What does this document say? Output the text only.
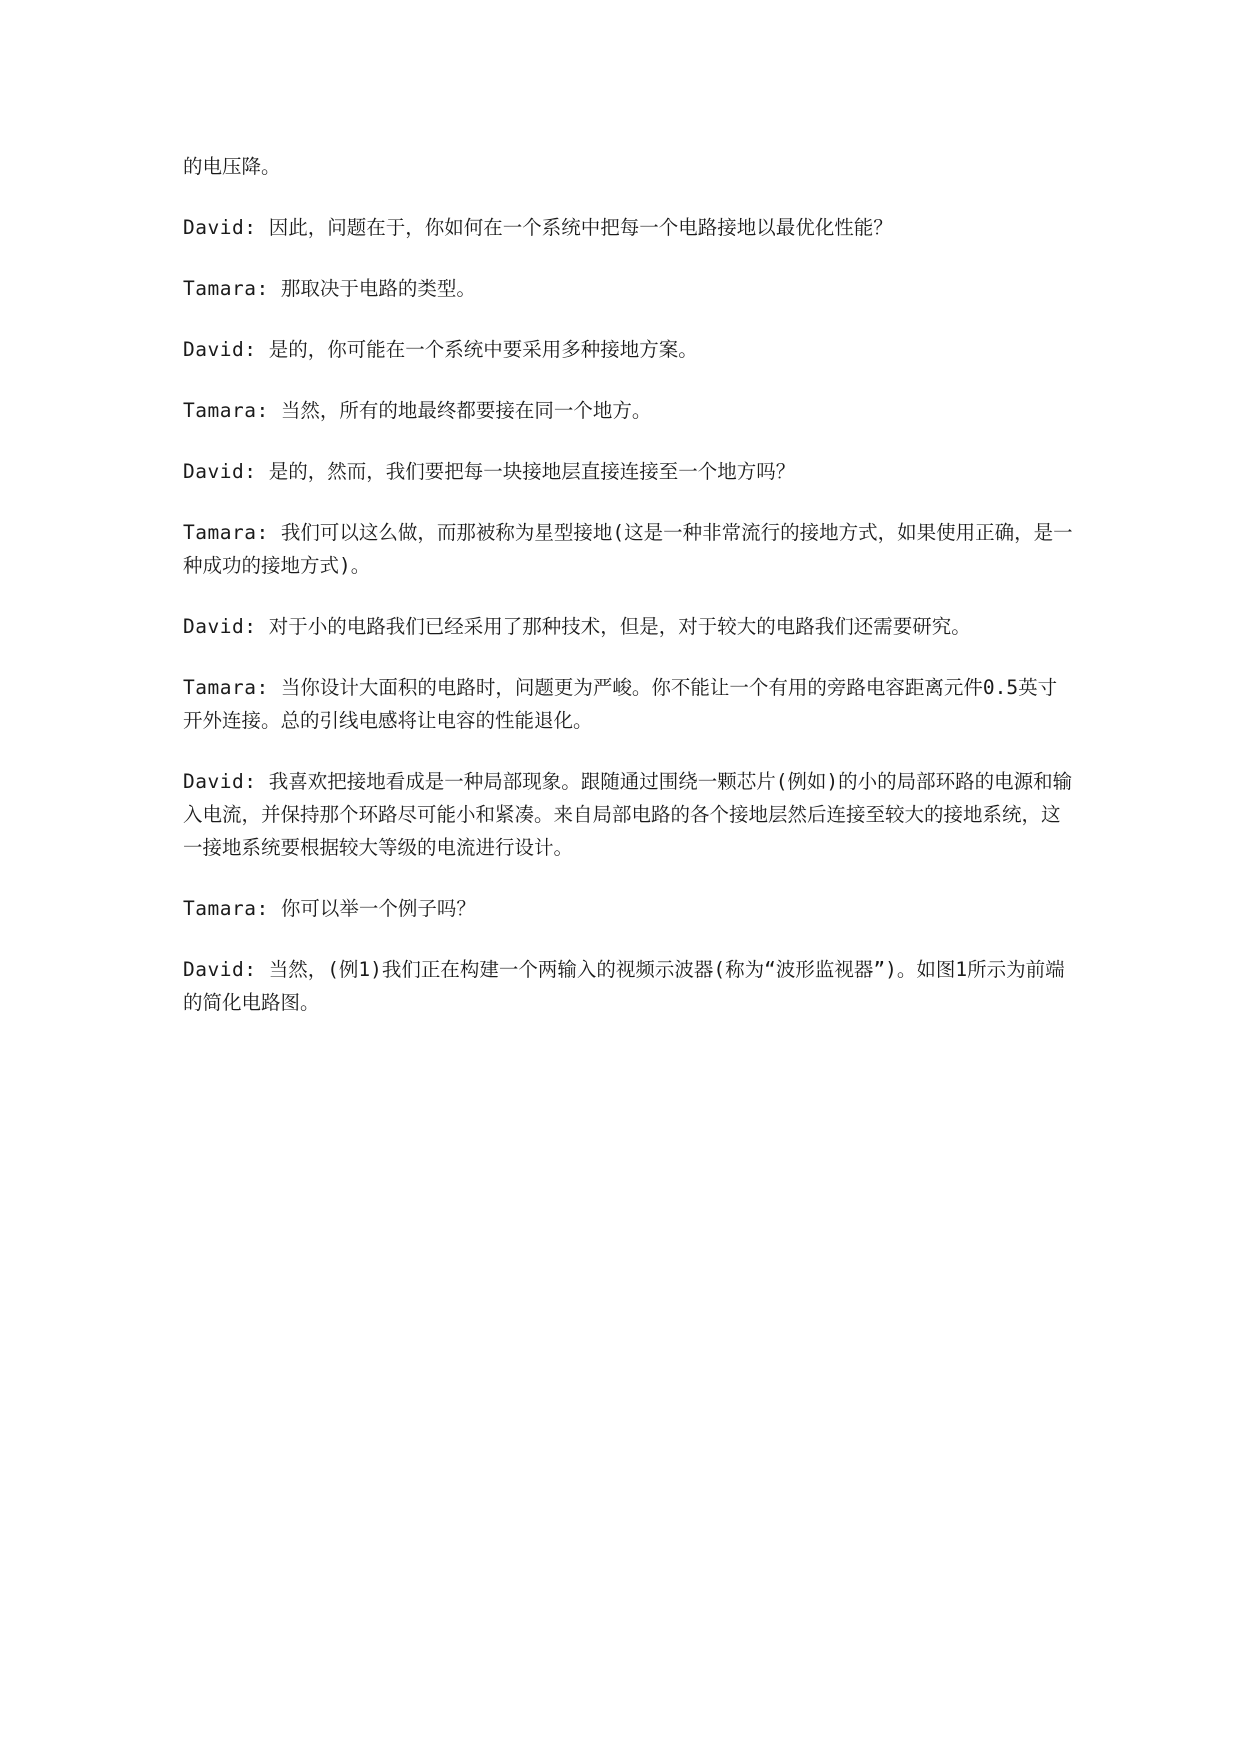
的电压降。

David: 因此，问题在于，你如何在一个系统中把每一个电路接地以最优化性能？

Tamara: 那取决于电路的类型。

David: 是的，你可能在一个系统中要采用多种接地方案。

Tamara: 当然，所有的地最终都要接在同一个地方。

David: 是的，然而，我们要把每一块接地层直接连接至一个地方吗？

Tamara: 我们可以这么做，而那被称为星型接地(这是一种非常流行的接地方式，如果使用正确，是一种成功的接地方式)。

David: 对于小的电路我们已经采用了那种技术，但是，对于较大的电路我们还需要研究。

Tamara: 当你设计大面积的电路时，问题更为严峻。你不能让一个有用的旁路电容距离元件0.5英寸开外连接。总的引线电感将让电容的性能退化。

David: 我喜欢把接地看成是一种局部现象。跟随通过围绕一颗芯片(例如)的小的局部环路的电源和输入电流，并保持那个环路尽可能小和紧凑。来自局部电路的各个接地层然后连接至较大的接地系统，这一接地系统要根据较大等级的电流进行设计。

Tamara: 你可以举一个例子吗？

David: 当然，(例1)我们正在构建一个两输入的视频示波器(称为“波形监视器”)。如图1所示为前端的简化电路图。
